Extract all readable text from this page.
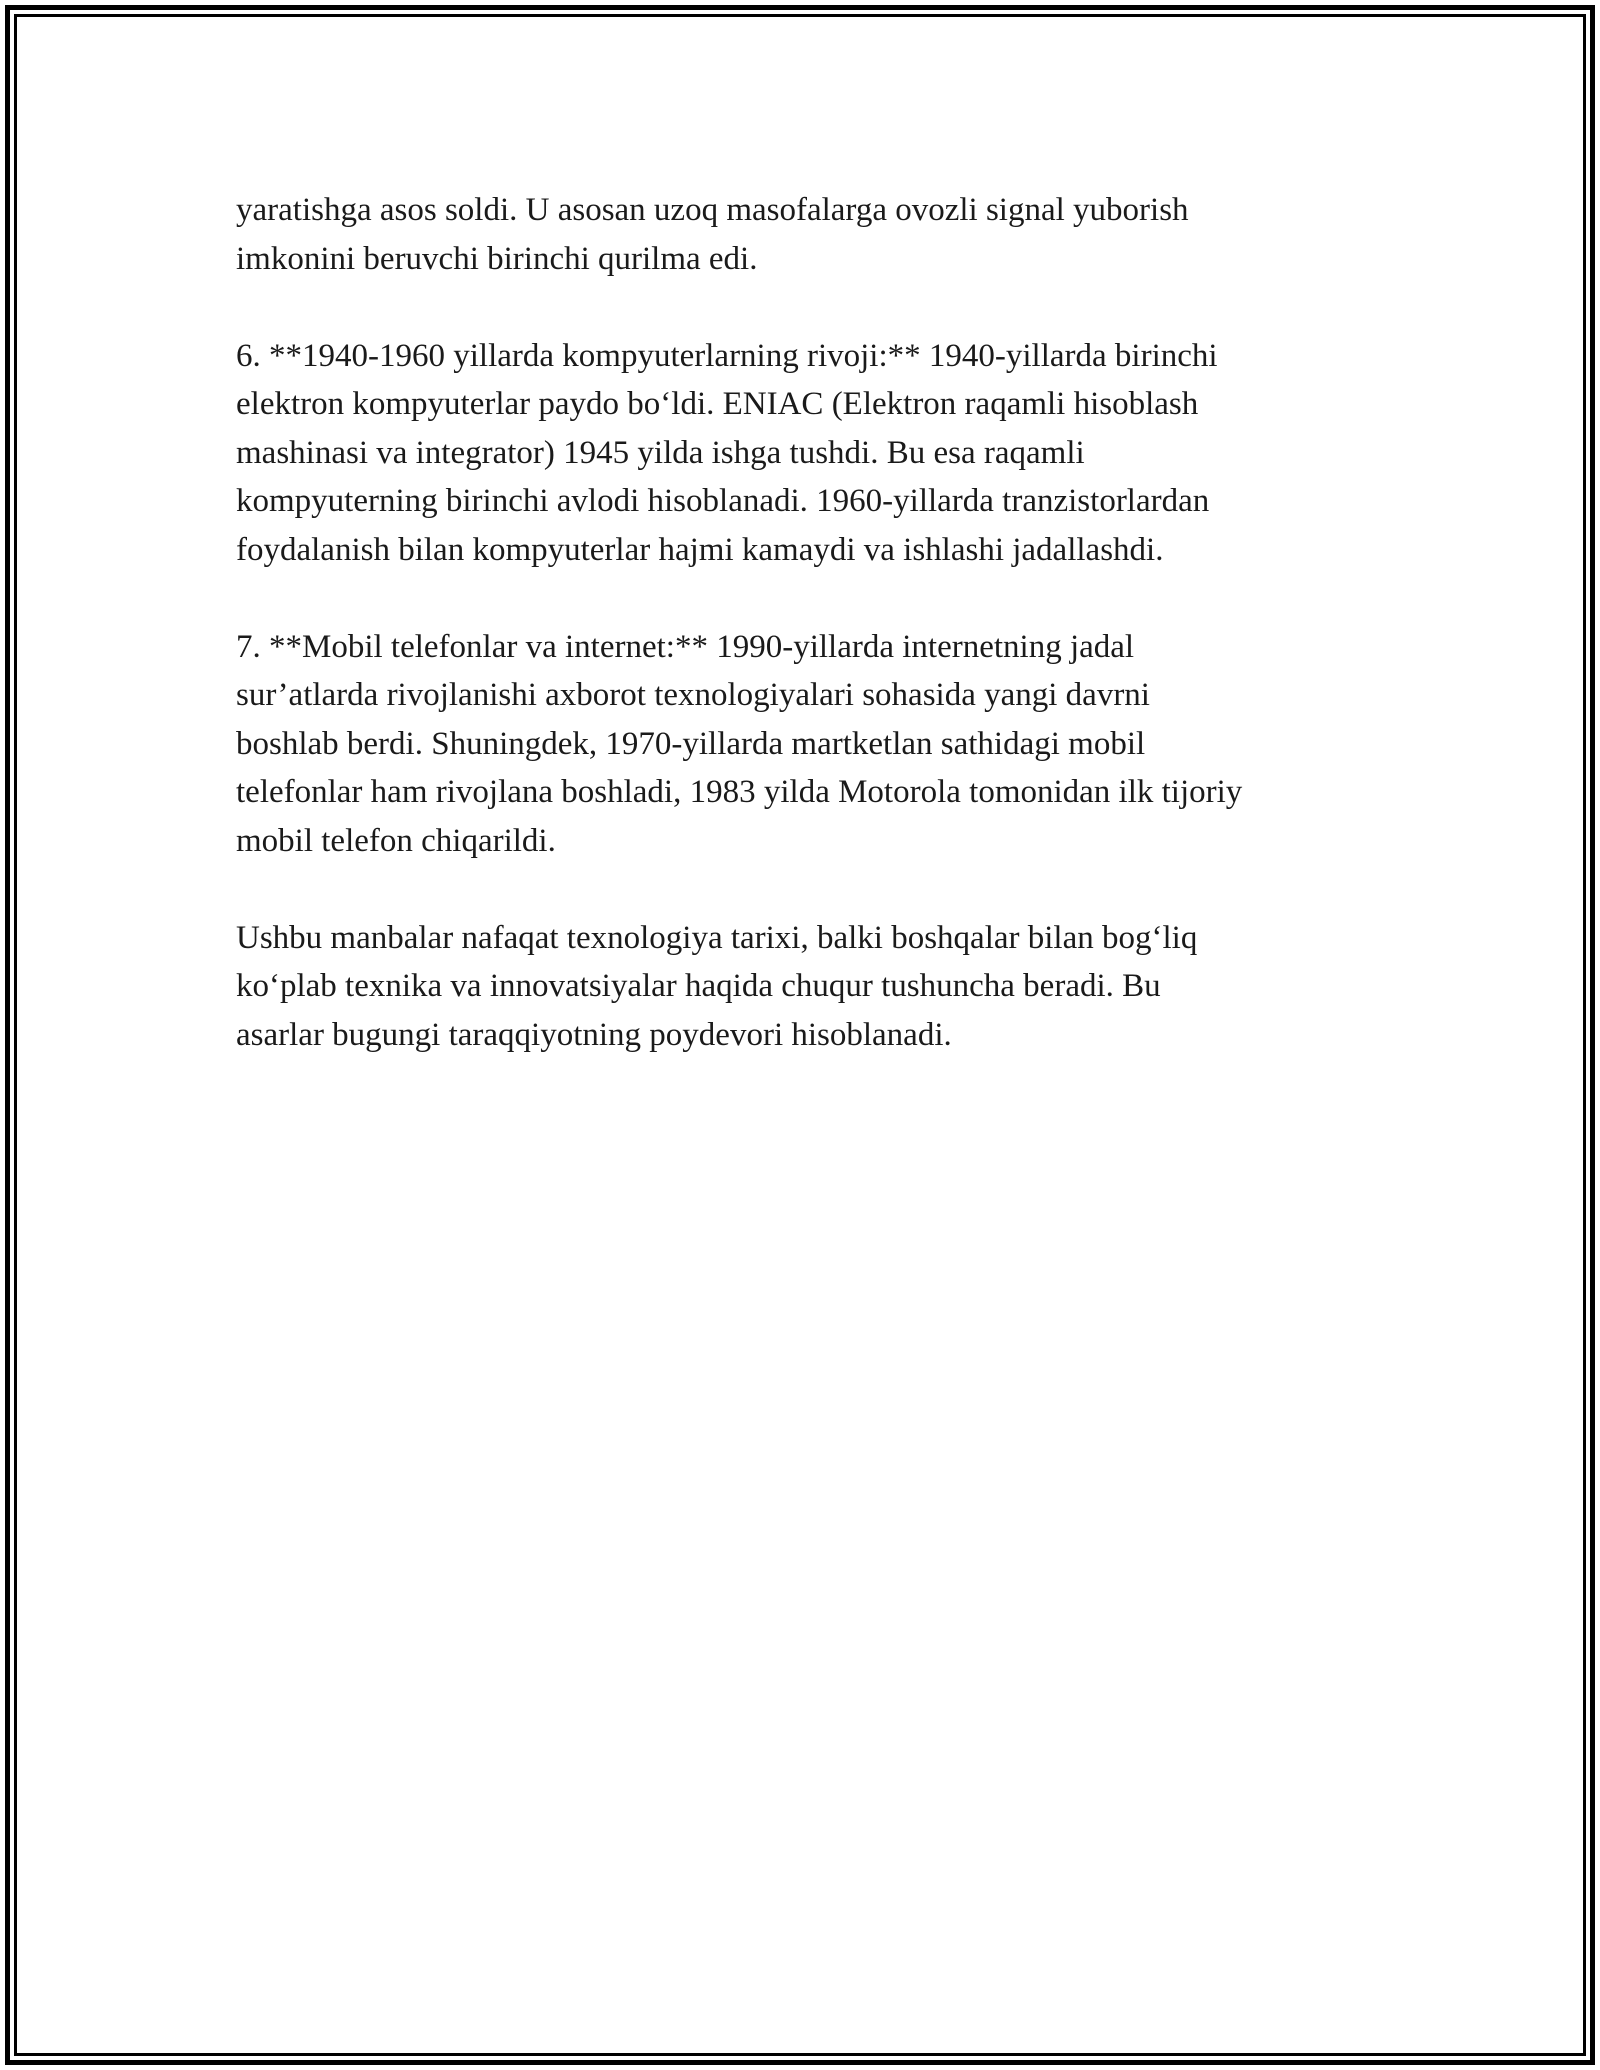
yaratishga asos soldi. U asosan uzoq masofalarga ovozli signal yuborish
imkonini beruvchi birinchi qurilma edi.

6. **1940-1960 yillarda kompyuterlarning rivoji:** 1940-yillarda birinchi
elektron kompyuterlar paydo boʻldi. ENIAC (Elektron raqamli hisoblash
mashinasi va integrator) 1945 yilda ishga tushdi. Bu esa raqamli
kompyuterning birinchi avlodi hisoblanadi. 1960-yillarda tranzistorlardan
foydalanish bilan kompyuterlar hajmi kamaydi va ishlashi jadallashdi.

7. **Mobil telefonlar va internet:** 1990-yillarda internetning jadal
sur’atlarda rivojlanishi axborot texnologiyalari sohasida yangi davrni
boshlab berdi. Shuningdek, 1970-yillarda martketlan sathidagi mobil
telefonlar ham rivojlana boshladi, 1983 yilda Motorola tomonidan ilk tijoriy
mobil telefon chiqarildi.

Ushbu manbalar nafaqat texnologiya tarixi, balki boshqalar bilan bogʻliq
koʻplab texnika va innovatsiyalar haqida chuqur tushuncha beradi. Bu
asarlar bugungi taraqqiyotning poydevori hisoblanadi.
